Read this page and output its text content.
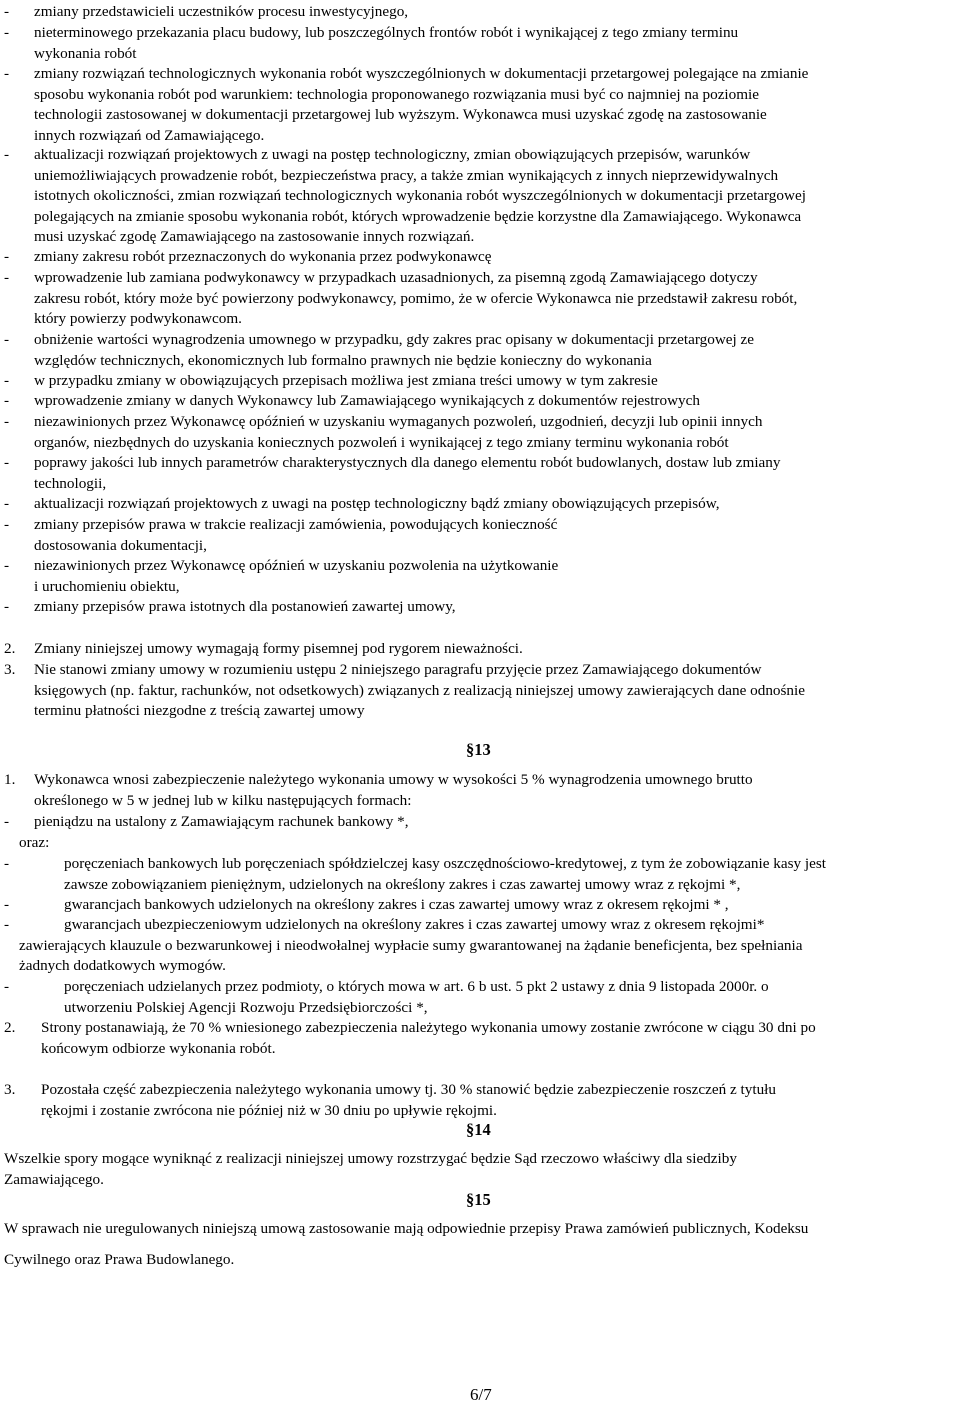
- zmiany przedstawicieli uczestników procesu inwestycyjnego,
- nieterminowego przekazania placu budowy, lub poszczególnych frontów robót i wynikającej z tego zmiany terminu
wykonania robót
- zmiany rozwiązań technologicznych wykonania robót wyszczególnionych w dokumentacji przetargowej polegające na zmianie
sposobu wykonania robót pod warunkiem: technologia proponowanego rozwiązania musi być co najmniej na poziomie
technologii zastosowanej w dokumentacji przetargowej lub wyższym. Wykonawca musi uzyskać zgodę na zastosowanie
innych rozwiązań od Zamawiającego.
- aktualizacji rozwiązań projektowych z uwagi na postęp technologiczny, zmian obowiązujących przepisów, warunków
uniemożliwiających prowadzenie robót, bezpieczeństwa pracy, a także zmian wynikających z innych nieprzewidywalnych
istotnych okoliczności, zmian rozwiązań technologicznych wykonania robót wyszczególnionych w dokumentacji przetargowej
polegających na zmianie sposobu wykonania robót, których wprowadzenie będzie korzystne dla Zamawiającego. Wykonawca
musi uzyskać zgodę Zamawiającego na zastosowanie innych rozwiązań.
- zmiany zakresu robót przeznaczonych do wykonania przez podwykonawcę
- wprowadzenie lub zamiana podwykonawcy w przypadkach uzasadnionych, za pisemną zgodą Zamawiającego dotyczy
zakresu robót, który może być powierzony podwykonawcy, pomimo, że w ofercie Wykonawca nie przedstawił zakresu robót,
który powierzy podwykonawcom.
- obniżenie wartości wynagrodzenia umownego w przypadku, gdy zakres prac opisany w dokumentacji przetargowej ze
względów technicznych, ekonomicznych lub formalno prawnych nie będzie konieczny do wykonania
- w przypadku zmiany w obowiązujących przepisach możliwa jest zmiana treści umowy w tym zakresie
- wprowadzenie zmiany w danych Wykonawcy lub Zamawiającego wynikających z dokumentów rejestrowych
- niezawinionych przez Wykonawcę opóźnień w uzyskaniu wymaganych pozwoleń, uzgodnień, decyzji lub opinii innych
organów, niezbędnych do uzyskania koniecznych pozwoleń i wynikającej z tego zmiany terminu wykonania robót
- poprawy jakości lub innych parametrów charakterystycznych dla danego elementu robót budowlanych, dostaw lub zmiany
technologii,
- aktualizacji rozwiązań projektowych z uwagi na postęp technologiczny bądź zmiany obowiązujących przepisów,
- zmiany przepisów prawa w trakcie realizacji zamówienia, powodujących konieczność
dostosowania dokumentacji,
- niezawinionych przez Wykonawcę opóźnień w uzyskaniu pozwolenia na użytkowanie
i uruchomieniu obiektu,
- zmiany przepisów prawa istotnych dla postanowień zawartej umowy,
2. Zmiany niniejszej umowy wymagają formy pisemnej pod rygorem nieważności.
3. Nie stanowi zmiany umowy w rozumieniu ustępu 2 niniejszego paragrafu przyjęcie przez Zamawiającego dokumentów
księgowych (np. faktur, rachunków, not odsetkowych) związanych z realizacją niniejszej umowy zawierających dane odnośnie
terminu płatności niezgodne z treścią zawartej umowy
§13
1. Wykonawca wnosi zabezpieczenie należytego wykonania umowy w wysokości 5 % wynagrodzenia umownego brutto
określonego w 5 w jednej lub w kilku następujących formach:
- pieniądzu na ustalony z Zamawiającym rachunek bankowy *,
oraz:
-	poręczeniach bankowych lub poręczeniach spółdzielczej kasy oszczędnościowo-kredytowej, z tym że zobowiązanie kasy jest
zawsze zobowiązaniem pieniężnym, udzielonych na określony zakres i czas zawartej umowy wraz z rękojmi *,
-	gwarancjach bankowych udzielonych na określony zakres i czas zawartej umowy wraz z okresem rękojmi * ,
-	gwarancjach ubezpieczeniowym udzielonych na określony zakres i czas zawartej umowy wraz z okresem rękojmi*
zawierających klauzule o bezwarunkowej i nieodwołalnej wypłacie sumy gwarantowanej na żądanie beneficjenta, bez spełniania
żadnych dodatkowych wymogów.
-	poręczeniach udzielanych przez podmioty, o których mowa w art. 6 b ust. 5 pkt 2 ustawy z dnia 9 listopada 2000r. o
utworzeniu Polskiej Agencji Rozwoju Przedsiębiorczości *,
2. Strony postanawiają, że 70 % wniesionego zabezpieczenia należytego wykonania umowy zostanie zwrócone w ciągu 30 dni po
końcowym odbiorze wykonania robót.
3. Pozostała część zabezpieczenia należytego wykonania umowy tj. 30 % stanowić będzie zabezpieczenie roszczeń z tytułu
rękojmi i zostanie zwrócona nie później niż w 30 dniu po upływie rękojmi.
§14
Wszelkie spory mogące wyniknąć z realizacji niniejszej umowy rozstrzygać będzie Sąd rzeczowo właściwy dla siedziby
Zamawiającego.
§15
W sprawach nie uregulowanych niniejszą umową zastosowanie mają odpowiednie przepisy Prawa zamówień publicznych, Kodeksu
Cywilnego oraz Prawa Budowlanego.
6/7
